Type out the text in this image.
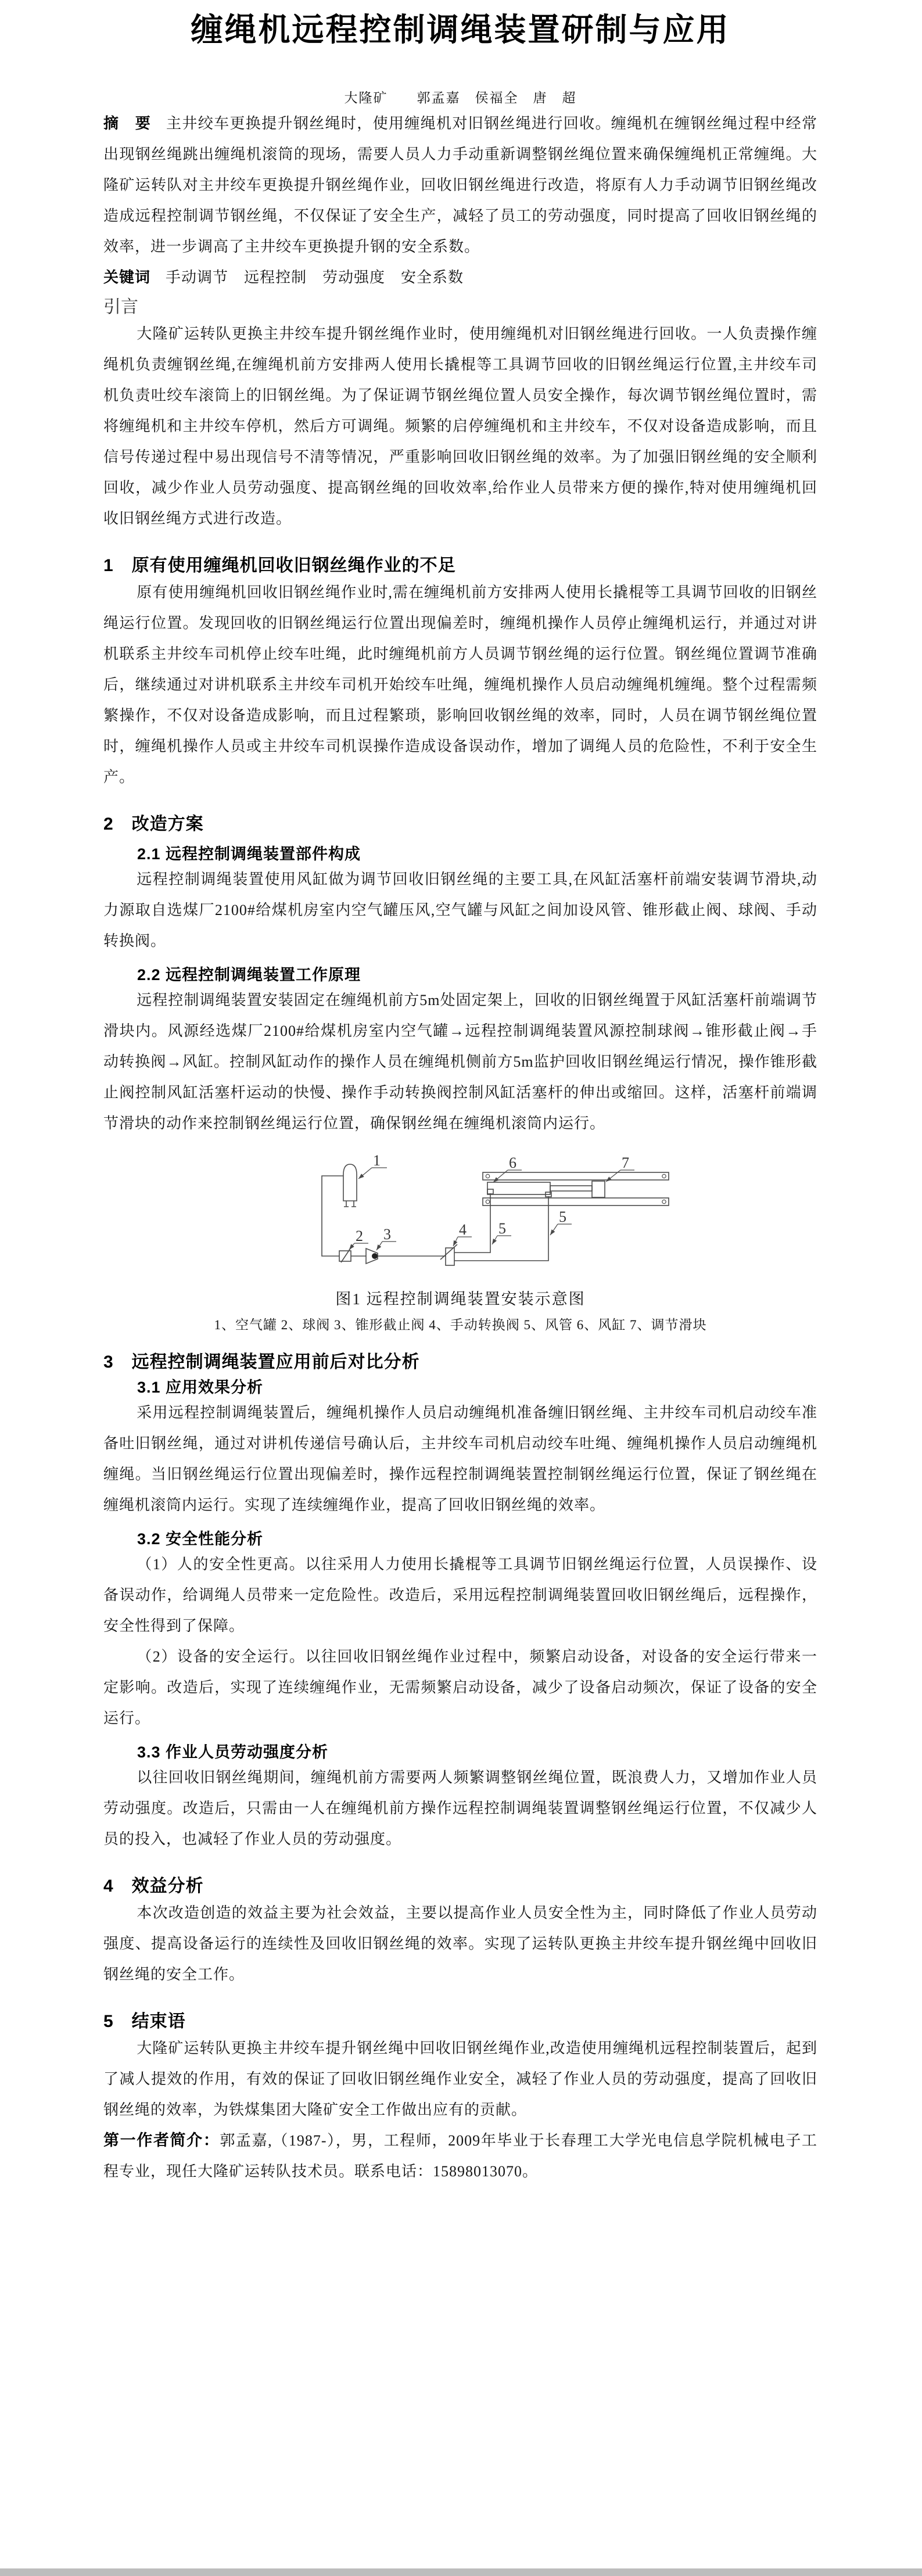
缠绳机远程控制调绳装置研制与应用
大隆矿　　郭孟嘉　侯福全　唐　超

摘　要 主井绞车更换提升钢丝绳时，使用缠绳机对旧钢丝绳进行回收。缠绳机在缠钢丝绳过程中经常出现钢丝绳跳出缠绳机滚筒的现场，需要人员人力手动重新调整钢丝绳位置来确保缠绳机正常缠绳。大隆矿运转队对主井绞车更换提升钢丝绳作业，回收旧钢丝绳进行改造，将原有人力手动调节旧钢丝绳改造成远程控制调节钢丝绳，不仅保证了安全生产，减轻了员工的劳动强度，同时提高了回收旧钢丝绳的效率，进一步调高了主井绞车更换提升钢的安全系数。

关键词 手动调节　远程控制　劳动强度　安全系数

引言

大隆矿运转队更换主井绞车提升钢丝绳作业时，使用缠绳机对旧钢丝绳进行回收。一人负责操作缠绳机负责缠钢丝绳,在缠绳机前方安排两人使用长撬棍等工具调节回收的旧钢丝绳运行位置,主井绞车司机负责吐绞车滚筒上的旧钢丝绳。为了保证调节钢丝绳位置人员安全操作，每次调节钢丝绳位置时，需将缠绳机和主井绞车停机，然后方可调绳。频繁的启停缠绳机和主井绞车，不仅对设备造成影响，而且信号传递过程中易出现信号不清等情况，严重影响回收旧钢丝绳的效率。为了加强旧钢丝绳的安全顺利回收，减少作业人员劳动强度、提高钢丝绳的回收效率,给作业人员带来方便的操作,特对使用缠绳机回收旧钢丝绳方式进行改造。

1　原有使用缠绳机回收旧钢丝绳作业的不足

原有使用缠绳机回收旧钢丝绳作业时,需在缠绳机前方安排两人使用长撬棍等工具调节回收的旧钢丝绳运行位置。发现回收的旧钢丝绳运行位置出现偏差时，缠绳机操作人员停止缠绳机运行，并通过对讲机联系主井绞车司机停止绞车吐绳，此时缠绳机前方人员调节钢丝绳的运行位置。钢丝绳位置调节准确后，继续通过对讲机联系主井绞车司机开始绞车吐绳，缠绳机操作人员启动缠绳机缠绳。整个过程需频繁操作，不仅对设备造成影响，而且过程繁琐，影响回收钢丝绳的效率，同时，人员在调节钢丝绳位置时，缠绳机操作人员或主井绞车司机误操作造成设备误动作，增加了调绳人员的危险性，不利于安全生产。

2　改造方案
2.1 远程控制调绳装置部件构成

远程控制调绳装置使用风缸做为调节回收旧钢丝绳的主要工具,在风缸活塞杆前端安装调节滑块,动力源取自选煤厂2100#给煤机房室内空气罐压风,空气罐与风缸之间加设风管、锥形截止阀、球阀、手动转换阀。

2.2 远程控制调绳装置工作原理

远程控制调绳装置安装固定在缠绳机前方5m处固定架上，回收的旧钢丝绳置于风缸活塞杆前端调节滑块内。风源经选煤厂2100#给煤机房室内空气罐→远程控制调绳装置风源控制球阀→锥形截止阀→手动转换阀→风缸。控制风缸动作的操作人员在缠绳机侧前方5m监护回收旧钢丝绳运行情况，操作锥形截止阀控制风缸活塞杆运动的快慢、操作手动转换阀控制风缸活塞杆的伸出或缩回。这样，活塞杆前端调节滑块的动作来控制钢丝绳运行位置，确保钢丝绳在缠绳机滚筒内运行。

1
2 3	4 5
5
6	7
图1 远程控制调绳装置安装示意图
1、空气罐 2、球阀 3、锥形截止阀 4、手动转换阀 5、风管 6、风缸 7、调节滑块
3　远程控制调绳装置应用前后对比分析
3.1 应用效果分析

采用远程控制调绳装置后，缠绳机操作人员启动缠绳机准备缠旧钢丝绳、主井绞车司机启动绞车准备吐旧钢丝绳，通过对讲机传递信号确认后，主井绞车司机启动绞车吐绳、缠绳机操作人员启动缠绳机缠绳。当旧钢丝绳运行位置出现偏差时，操作远程控制调绳装置控制钢丝绳运行位置，保证了钢丝绳在缠绳机滚筒内运行。实现了连续缠绳作业，提高了回收旧钢丝绳的效率。

3.2 安全性能分析

（1）人的安全性更高。以往采用人力使用长撬棍等工具调节旧钢丝绳运行位置，人员误操作、设备误动作，给调绳人员带来一定危险性。改造后，采用远程控制调绳装置回收旧钢丝绳后，远程操作，安全性得到了保障。

（2）设备的安全运行。以往回收旧钢丝绳作业过程中，频繁启动设备，对设备的安全运行带来一定影响。改造后，实现了连续缠绳作业，无需频繁启动设备，减少了设备启动频次，保证了设备的安全运行。

3.3 作业人员劳动强度分析

以往回收旧钢丝绳期间，缠绳机前方需要两人频繁调整钢丝绳位置，既浪费人力，又增加作业人员劳动强度。改造后，只需由一人在缠绳机前方操作远程控制调绳装置调整钢丝绳运行位置，不仅减少人员的投入，也减轻了作业人员的劳动强度。

4　效益分析

本次改造创造的效益主要为社会效益，主要以提高作业人员安全性为主，同时降低了作业人员劳动强度、提高设备运行的连续性及回收旧钢丝绳的效率。实现了运转队更换主井绞车提升钢丝绳中回收旧钢丝绳的安全工作。

5　结束语

大隆矿运转队更换主井绞车提升钢丝绳中回收旧钢丝绳作业,改造使用缠绳机远程控制装置后，起到了减人提效的作用，有效的保证了回收旧钢丝绳作业安全，减轻了作业人员的劳动强度，提高了回收旧钢丝绳的效率，为铁煤集团大隆矿安全工作做出应有的贡献。

第一作者简介：郭孟嘉,（1987-），男，工程师，2009年毕业于长春理工大学光电信息学院机械电子工程专业，现任大隆矿运转队技术员。联系电话：15898013070。
